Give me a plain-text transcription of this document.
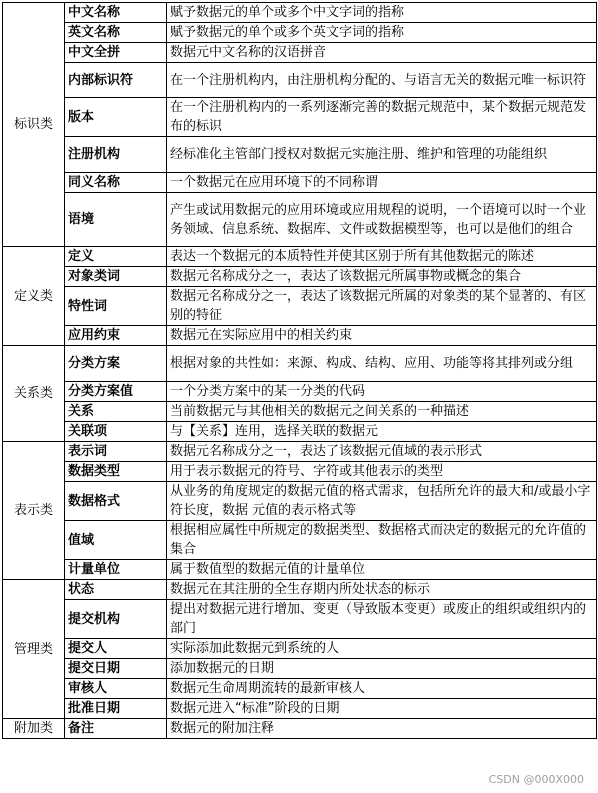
标识类	中文名称	赋予数据元的单个或多个中文字词的指称
	英文名称	赋予数据元的单个或多个英文字词的指称
	中文全拼	数据元中文名称的汉语拼音
	内部标识符	在一个注册机构内，由注册机构分配的、与语言无关的数据元唯一标识符
	版本	在一个注册机构内的一系列逐渐完善的数据元规范中，某个数据元规范发布的标识
	注册机构	经标准化主管部门授权对数据元实施注册、维护和管理的功能组织
	同义名称	一个数据元在应用环境下的不同称谓
	语境	产生或试用数据元的应用环境或应用规程的说明，一个语境可以时一个业务领域、信息系统、数据库、文件或数据模型等，也可以是他们的组合
定义类	定义	表达一个数据元的本质特性并使其区别于所有其他数据元的陈述
	对象类词	数据元名称成分之一，表达了该数据元所属事物或概念的集合
	特性词	数据元名称成分之一，表达了该数据元所属的对象类的某个显著的、有区别的特征
	应用约束	数据元在实际应用中的相关约束
关系类	分类方案	根据对象的共性如：来源、构成、结构、应用、功能等将其排列或分组
	分类方案值	一个分类方案中的某一分类的代码
	关系	当前数据元与其他相关的数据元之间关系的一种描述
	关联项	与【关系】连用，选择关联的数据元
表示类	表示词	数据元名称成分之一，表达了该数据元值域的表示形式
	数据类型	用于表示数据元的符号、字符或其他表示的类型
	数据格式	从业务的角度规定的数据元值的格式需求，包括所允许的最大和/或最小字符长度，数据 元值的表示格式等
	值域	根据相应属性中所规定的数据类型、数据格式而决定的数据元的允许值的集合
	计量单位	属于数值型的数据元值的计量单位
管理类	状态	数据元在其注册的全生存期内所处状态的标示
	提交机构	提出对数据元进行增加、变更（导致版本变更）或废止的组织或组织内的部门
	提交人	实际添加此数据元到系统的人
	提交日期	添加数据元的日期
	审核人	数据元生命周期流转的最新审核人
	批准日期	数据元进入“标准”阶段的日期
附加类	备注	数据元的附加注释
CSDN @000X000
